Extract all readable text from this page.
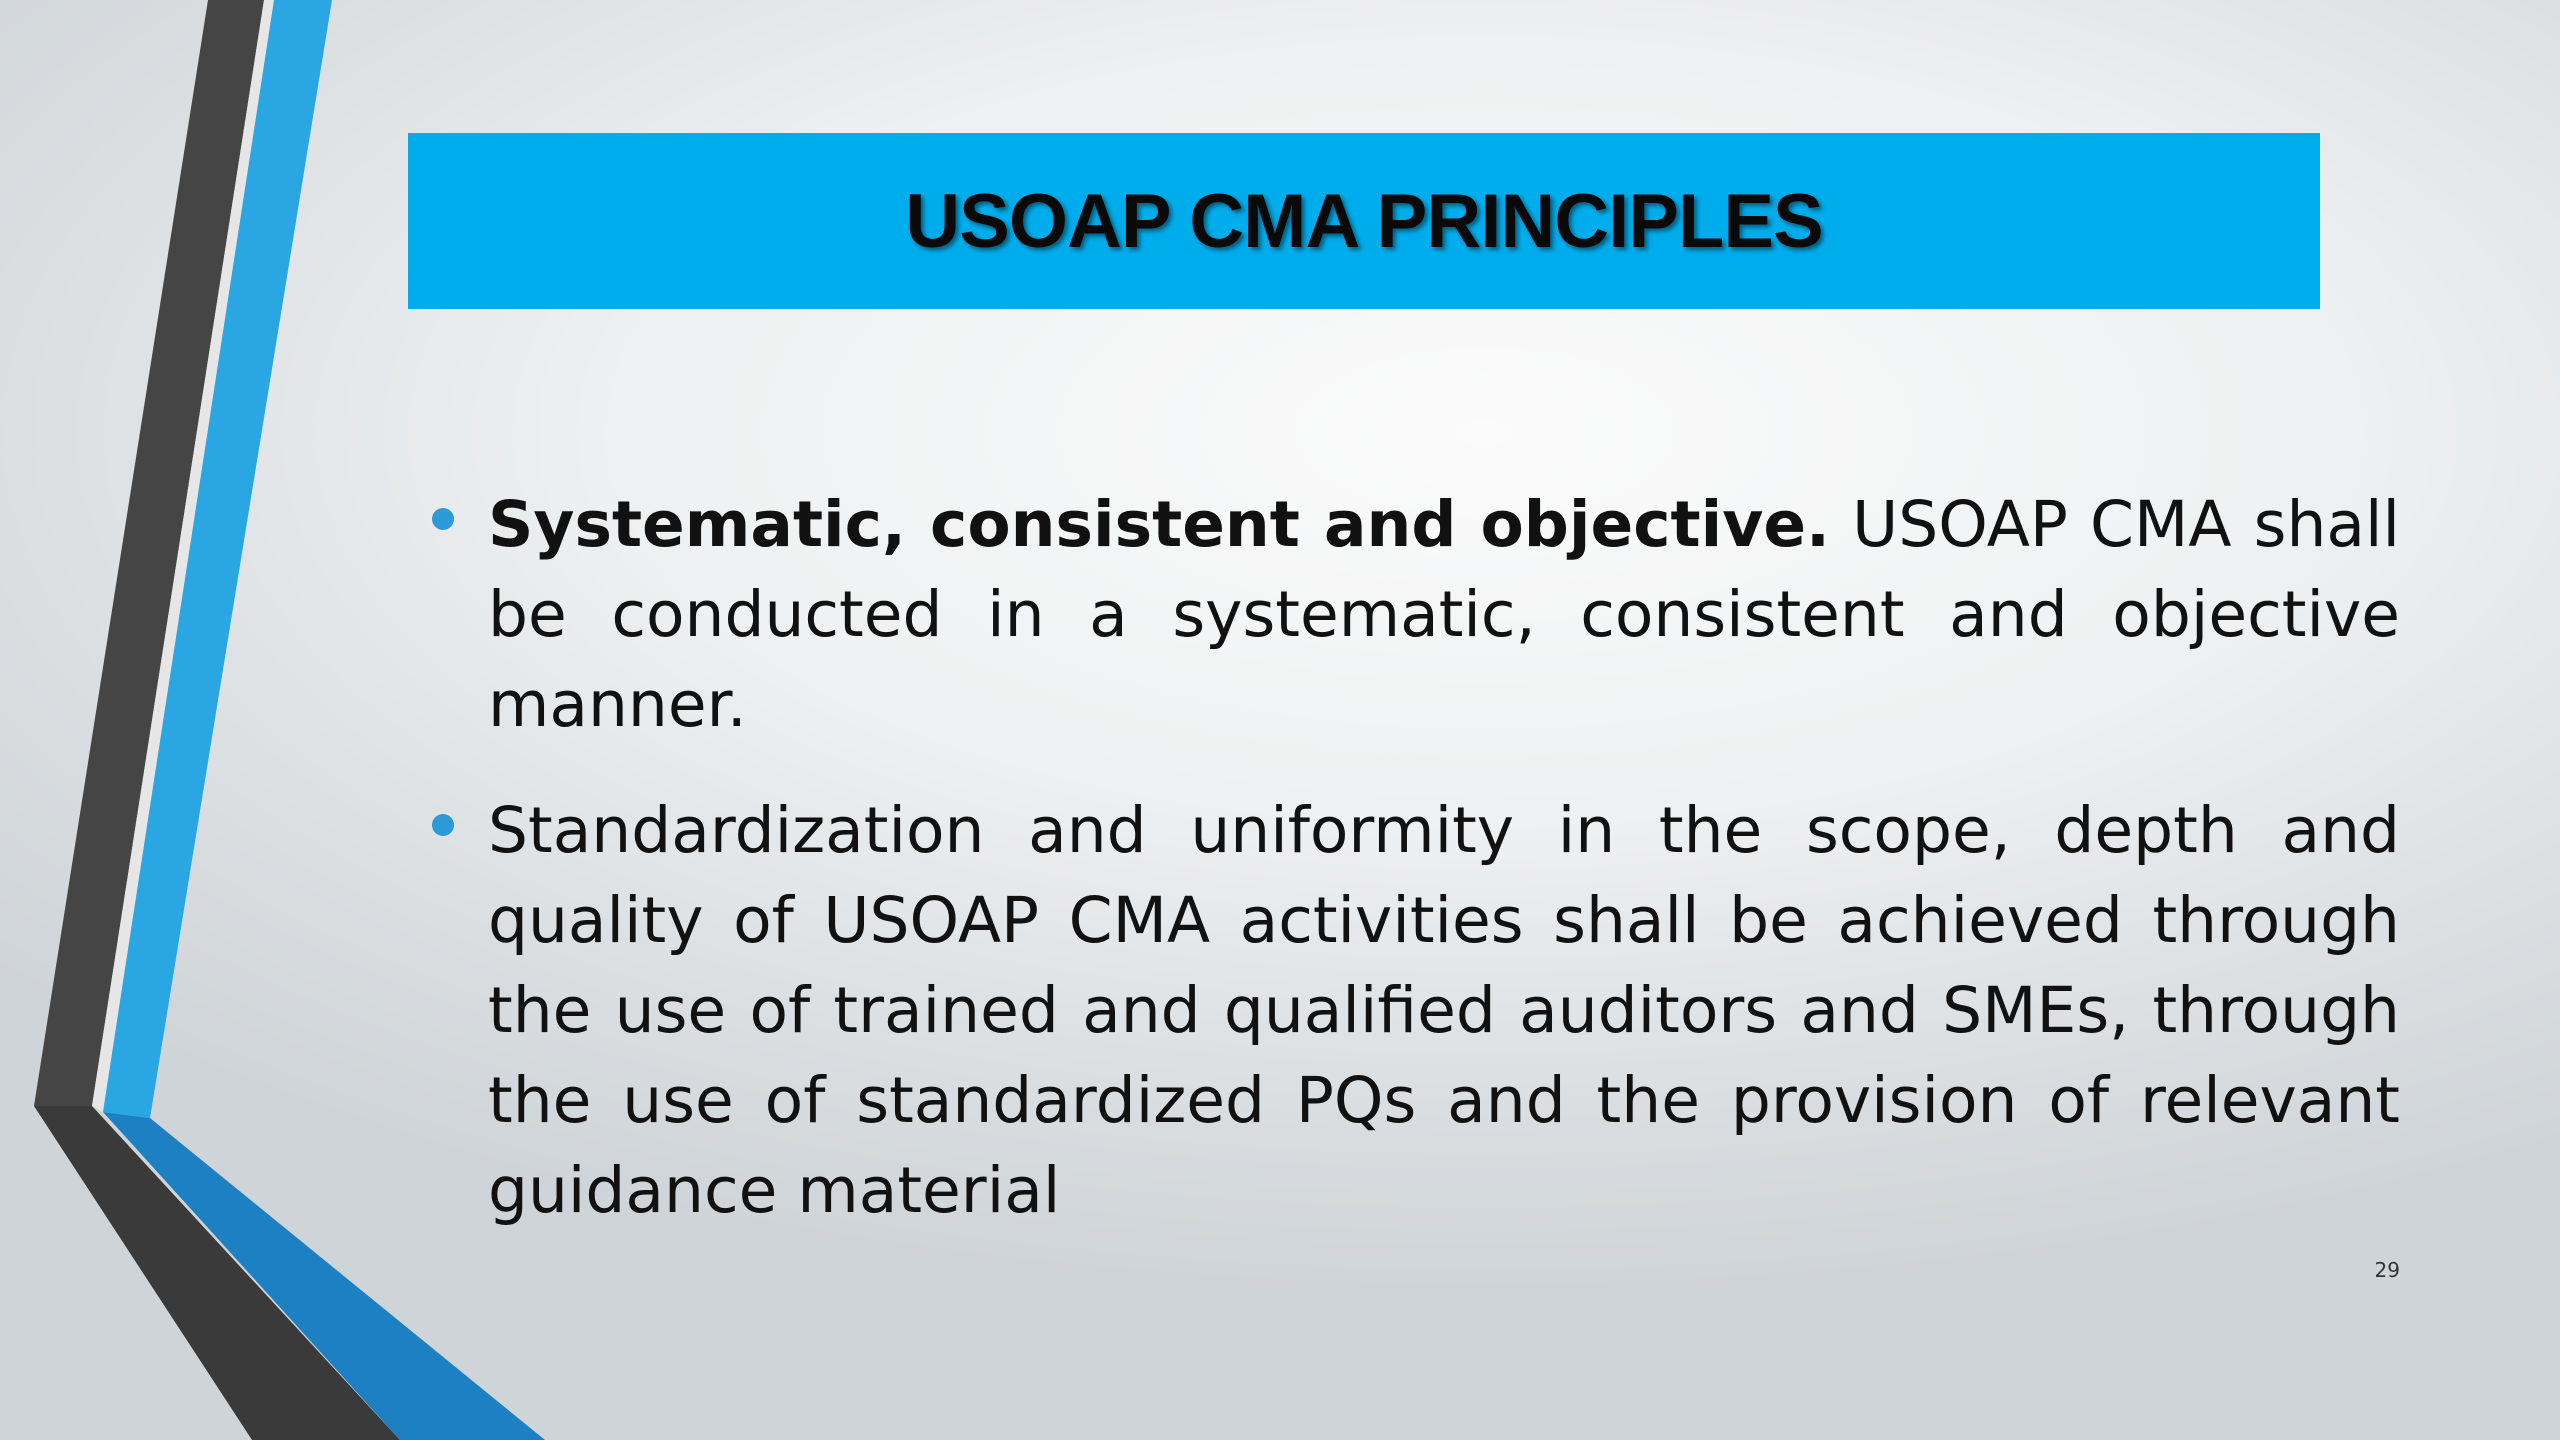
USOAP CMA PRINCIPLES
Systematic, consistent and objective. USOAP CMA shall be conducted in a systematic, consistent and objective manner.
Standardization and uniformity in the scope, depth and quality of USOAP CMA activities shall be achieved through the use of trained and qualified auditors and SMEs, through the use of standardized PQs and the provision of relevant guidance material
29
